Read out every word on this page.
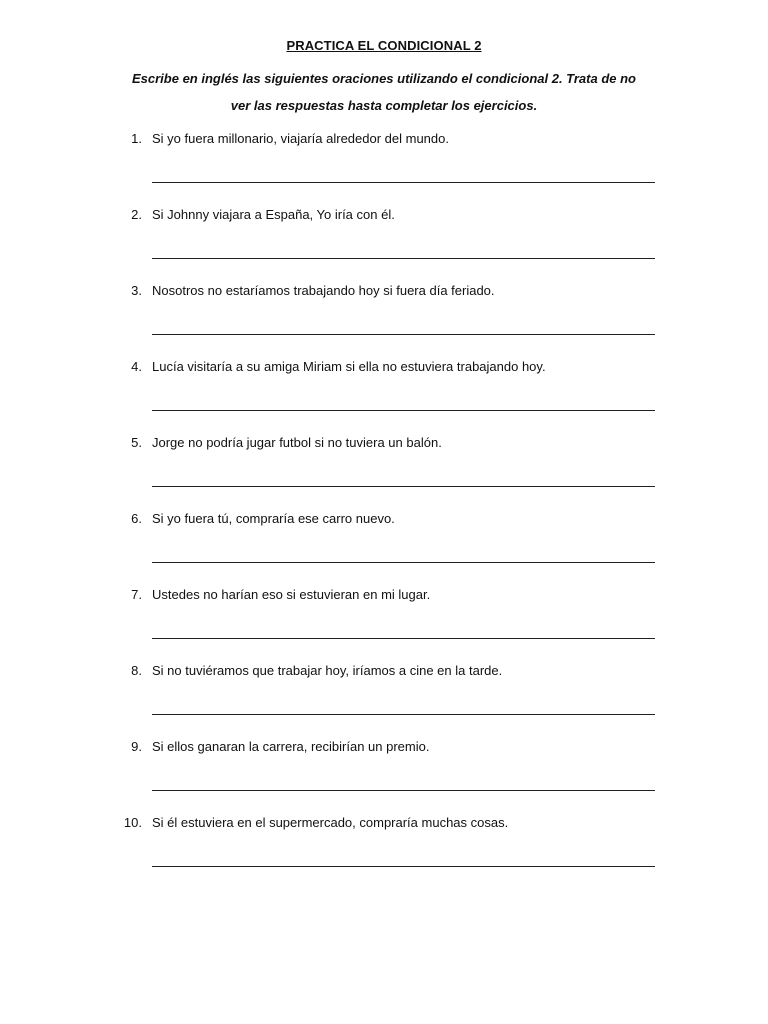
PRACTICA EL CONDICIONAL 2
Escribe en inglés las siguientes oraciones utilizando el condicional 2. Trata de no ver las respuestas hasta completar los ejercicios.
1. Si yo fuera millonario, viajaría alrededor del mundo.
2. Si Johnny viajara a España, Yo iría con él.
3. Nosotros no estaríamos trabajando hoy si fuera día feriado.
4. Lucía visitaría a su amiga Miriam si ella no estuviera trabajando hoy.
5. Jorge no podría jugar futbol si no tuviera un balón.
6. Si yo fuera tú, compraría ese carro nuevo.
7. Ustedes no harían eso si estuvieran en mi lugar.
8. Si no tuviéramos que trabajar hoy, iríamos a cine en la tarde.
9. Si ellos ganaran la carrera, recibirían un premio.
10. Si él estuviera en el supermercado, compraría muchas cosas.
